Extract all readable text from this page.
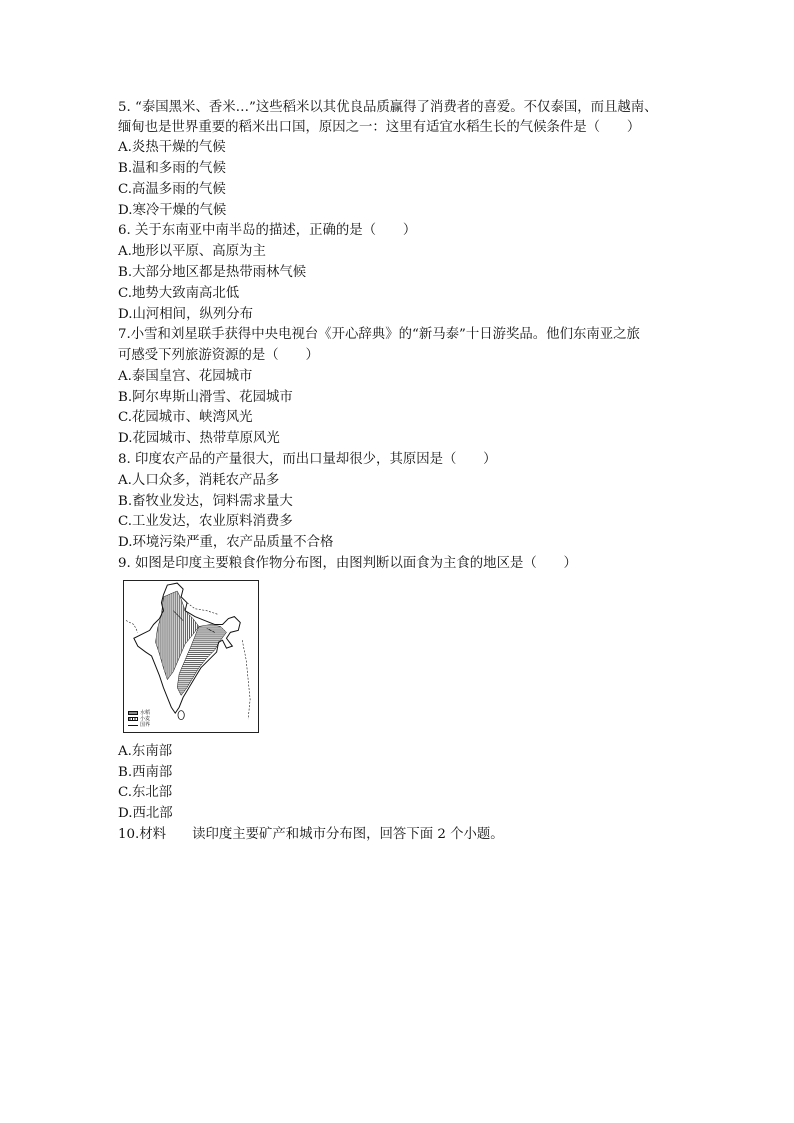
5. “泰国黑米、香米…”这些稻米以其优良品质赢得了消费者的喜爱。不仅泰国，而且越南、
缅甸也是世界重要的稻米出口国，原因之一：这里有适宜水稻生长的气候条件是（　　）
A.炎热干燥的气候
B.温和多雨的气候
C.高温多雨的气候
D.寒冷干燥的气候
6. 关于东南亚中南半岛的描述，正确的是（　　）
A.地形以平原、高原为主
B.大部分地区都是热带雨林气候
C.地势大致南高北低
D.山河相间，纵列分布
7.小雪和刘星联手获得中央电视台《开心辞典》的“新马泰”十日游奖品。他们东南亚之旅
可感受下列旅游资源的是（　　）
A.泰国皇宫、花园城市
B.阿尔卑斯山滑雪、花园城市
C.花园城市、峡湾风光
D.花园城市、热带草原风光
8. 印度农产品的产量很大，而出口量却很少，其原因是（　　）
A.人口众多，消耗农产品多
B.畜牧业发达，饲料需求量大
C.工业发达，农业原料消费多
D.环境污染严重，农产品质量不合格
9. 如图是印度主要粮食作物分布图，由图判断以面食为主食的地区是（　　）
水稻
小麦
国界
A.东南部
B.西南部
C.东北部
D.西北部
10.材料 读印度主要矿产和城市分布图，回答下面 2 个小题。
